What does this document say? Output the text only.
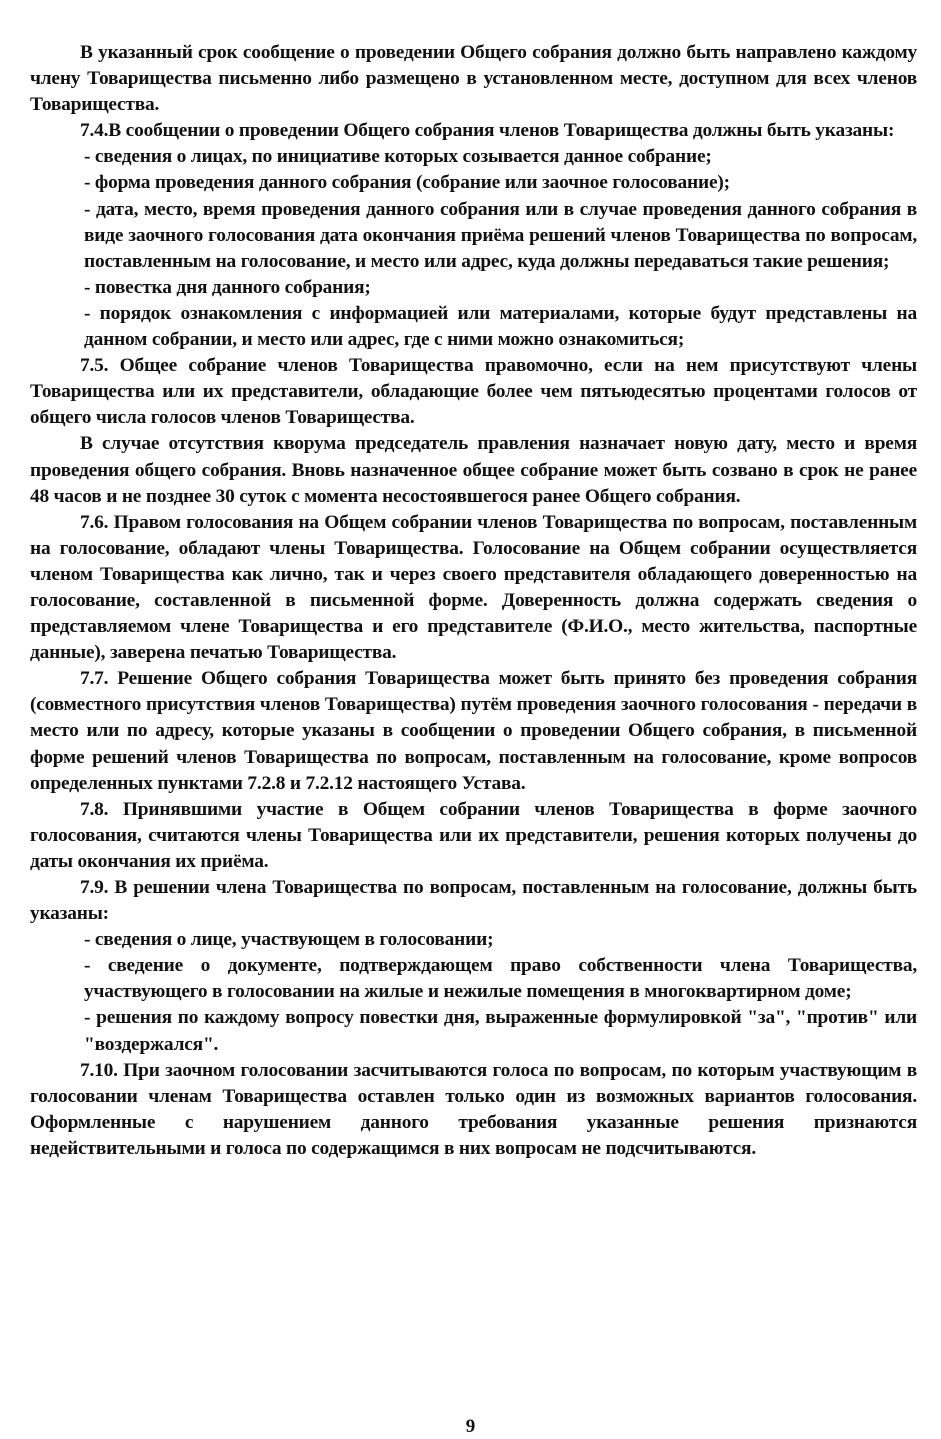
В указанный срок сообщение о проведении Общего собрания должно быть направлено каждому члену Товарищества письменно либо размещено в установленном месте, доступном для всех членов Товарищества.

7.4.В сообщении о проведении Общего собрания членов Товарищества должны быть указаны:

- сведения о лицах, по инициативе которых созывается данное собрание;

- форма проведения данного собрания (собрание или заочное голосование);

- дата, место, время проведения данного собрания или в случае проведения данного собрания в виде заочного голосования дата окончания приёма решений членов Товарищества по вопросам, поставленным на голосование, и место или адрес, куда должны передаваться такие решения;

- повестка дня данного собрания;

- порядок ознакомления с информацией или материалами, которые будут представлены на данном собрании, и место или адрес, где с ними можно ознакомиться;

7.5. Общее собрание членов Товарищества правомочно, если на нем присутствуют члены Товарищества или их представители, обладающие более чем пятьюдесятью процентами голосов от общего числа голосов членов Товарищества.

В случае отсутствия кворума председатель правления назначает новую дату, место и время проведения общего собрания. Вновь назначенное общее собрание может быть созвано в срок не ранее 48 часов и не позднее 30 суток с момента несостоявшегося ранее Общего собрания.

7.6. Правом голосования на Общем собрании членов Товарищества по вопросам, поставленным на голосование, обладают члены Товарищества. Голосование на Общем собрании осуществляется членом Товарищества как лично, так и через своего представителя обладающего доверенностью на голосование, составленной в письменной форме. Доверенность должна содержать сведения о представляемом члене Товарищества и его представителе (Ф.И.О., место жительства, паспортные данные), заверена печатью Товарищества.

7.7. Решение Общего собрания Товарищества может быть принято без проведения собрания (совместного присутствия членов Товарищества) путём проведения заочного голосования - передачи в место или по адресу, которые указаны в сообщении о проведении Общего собрания, в письменной форме решений членов Товарищества по вопросам, поставленным на голосование, кроме вопросов определенных пунктами 7.2.8 и 7.2.12 настоящего Устава.

7.8. Принявшими участие в Общем собрании членов Товарищества в форме заочного голосования, считаются члены Товарищества или их представители, решения которых получены до даты окончания их приёма.

7.9. В решении члена Товарищества по вопросам, поставленным на голосование, должны быть указаны:

- сведения о лице, участвующем в голосовании;

- сведение о документе, подтверждающем право собственности члена Товарищества, участвующего в голосовании на жилые и нежилые помещения в многоквартирном доме;

- решения по каждому вопросу повестки дня, выраженные формулировкой "за", "против" или "воздержался".

7.10. При заочном голосовании засчитываются голоса по вопросам, по которым участвующим в голосовании членам Товарищества оставлен только один из возможных вариантов голосования. Оформленные с нарушением данного требования указанные решения признаются недействительными и голоса по содержащимся в них вопросам не подсчитываются.

9
